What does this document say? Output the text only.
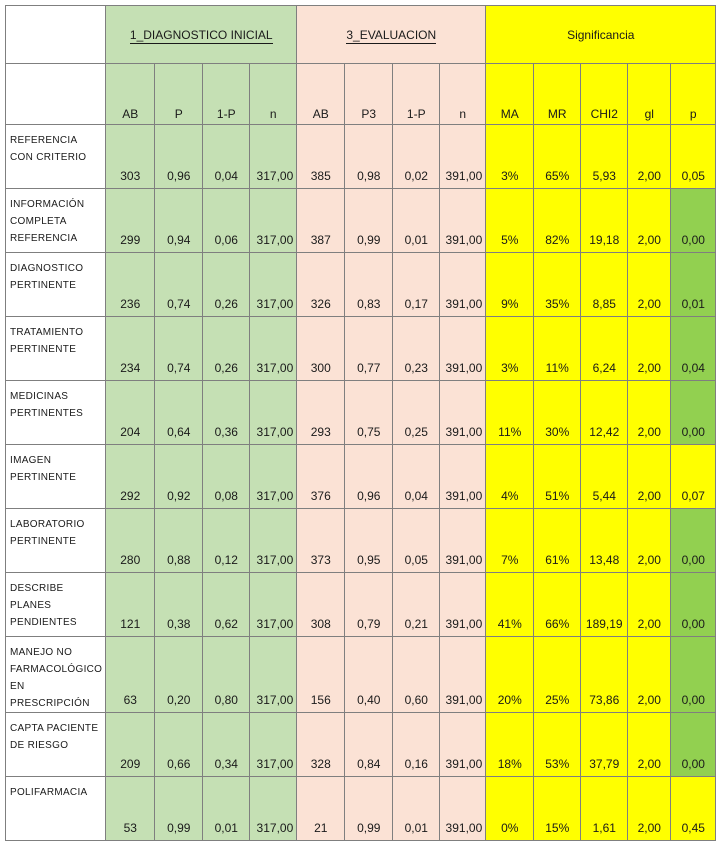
	1_DIAGNOSTICO INICIAL				3_EVALUACION				Significancia				
	AB	P	1-P	n	AB	P3	1-P	n	MA	MR	CHI2	gl	p
REFERENCIA CON CRITERIO	303	0,96	0,04	317,00	385	0,98	0,02	391,00	3%	65%	5,93	2,00	0,05
INFORMACIÓN COMPLETA REFERENCIA	299	0,94	0,06	317,00	387	0,99	0,01	391,00	5%	82%	19,18	2,00	0,00
DIAGNOSTICO PERTINENTE	236	0,74	0,26	317,00	326	0,83	0,17	391,00	9%	35%	8,85	2,00	0,01
TRATAMIENTO PERTINENTE	234	0,74	0,26	317,00	300	0,77	0,23	391,00	3%	11%	6,24	2,00	0,04
MEDICINAS PERTINENTES	204	0,64	0,36	317,00	293	0,75	0,25	391,00	11%	30%	12,42	2,00	0,00
IMAGEN PERTINENTE	292	0,92	0,08	317,00	376	0,96	0,04	391,00	4%	51%	5,44	2,00	0,07
LABORATORIO PERTINENTE	280	0,88	0,12	317,00	373	0,95	0,05	391,00	7%	61%	13,48	2,00	0,00
DESCRIBE PLANES PENDIENTES	121	0,38	0,62	317,00	308	0,79	0,21	391,00	41%	66%	189,19	2,00	0,00
MANEJO NO FARMACOLÓGICO EN PRESCRIPCIÓN	63	0,20	0,80	317,00	156	0,40	0,60	391,00	20%	25%	73,86	2,00	0,00
CAPTA PACIENTE DE RIESGO	209	0,66	0,34	317,00	328	0,84	0,16	391,00	18%	53%	37,79	2,00	0,00
POLIFARMACIA	53	0,99	0,01	317,00	21	0,99	0,01	391,00	0%	15%	1,61	2,00	0,45
